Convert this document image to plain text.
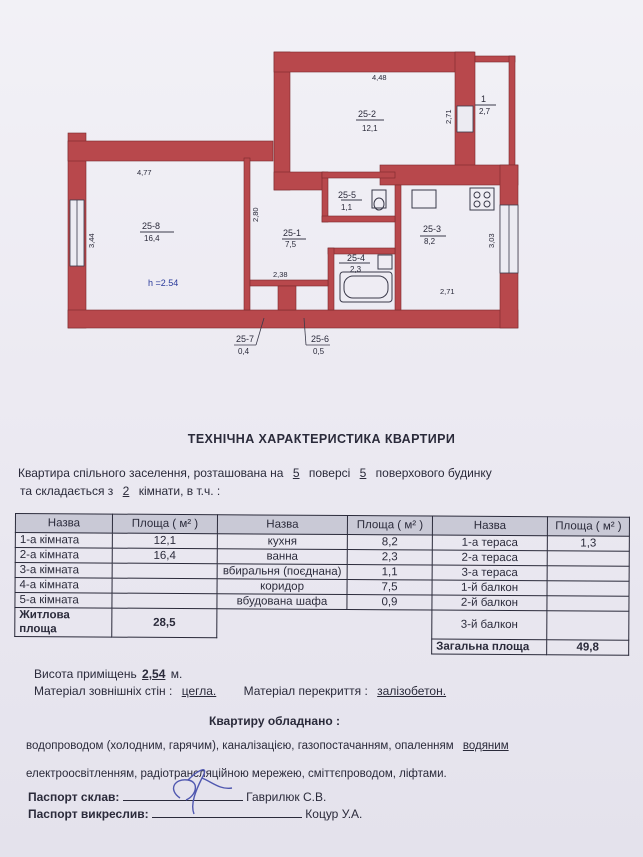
25-2
12,1
1
2,7
25-8
16,4
25-5
1,1
25-1
7,5
25-3
8,2
25-4
2,3
25-7
0,4
25-6
0,5
4,48
4,77
3,44
2,80
2,71
2,38
3,03
2,71
h =2.54
ТЕХНІЧНА ХАРАКТЕРИСТИКА КВАРТИРИ
Квартира спільного заселення, розташована на 5 поверсі 5 поверхового будинку
та складається з 2 кімнати, в т.ч. :
Назва	Площа ( м² )	Назва	Площа ( м² )	Назва	Площа ( м² )
1-а кімната	12,1	кухня	8,2	1-а тераса	1,3
2-а кімната	16,4	ванна	2,3	2-а тераса	
3-а кімната		вбиральня (поєднана)	1,1	3-а тераса	
4-а кімната		коридор	7,5	1-й балкон	
5-а кімната		вбудована шафа	0,9	2-й балкон	
Житлова площа	28,5			3-й балкон	
				Загальна площа	49,8
Висота приміщень 2,54 м.
Матеріал зовнішніх стін : цегла. Матеріал перекриття : залізобетон.
Квартиру обладнано :
водопроводом (холодним, гарячим), каналізацією, газопостачанням, опаленням водяним
електроосвітленням, радіотрансляційною мережею, сміттєпроводом, ліфтами.
Паспорт склав:	Гаврилюк С.В.
Паспорт викреслив:	Коцур У.А.
